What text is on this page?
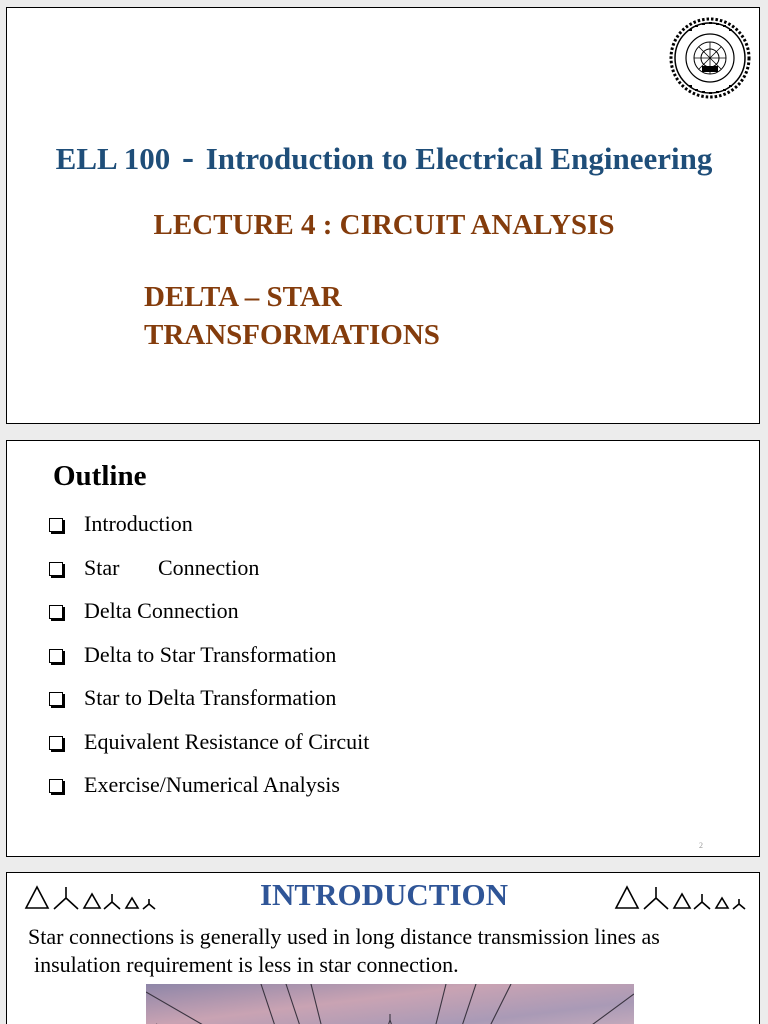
ELL 100 - Introduction to Electrical Engineering
LECTURE 4 : CIRCUIT ANALYSIS
DELTA – STAR
TRANSFORMATIONS
Outline

Introduction

Star       Connection

Delta Connection

Delta to Star Transformation

Star to Delta Transformation

Equivalent Resistance of Circuit

Exercise/Numerical Analysis

2
INTRODUCTION

Star connections is generally used in long distance transmission lines as
insulation requirement is less in star connection.
